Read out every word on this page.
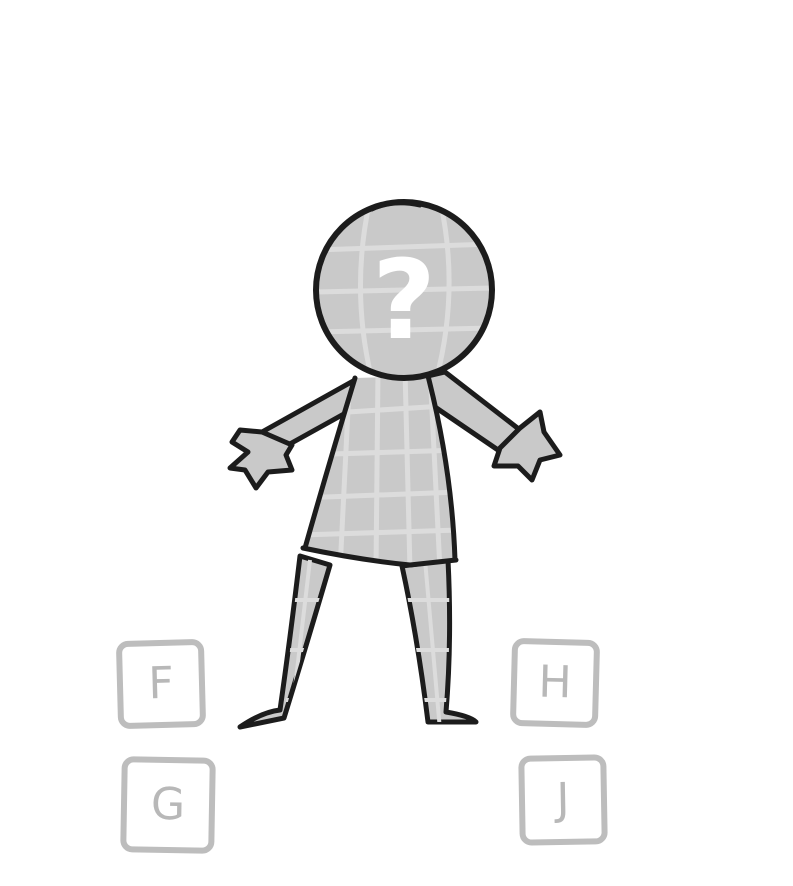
?
F
G
H
J
